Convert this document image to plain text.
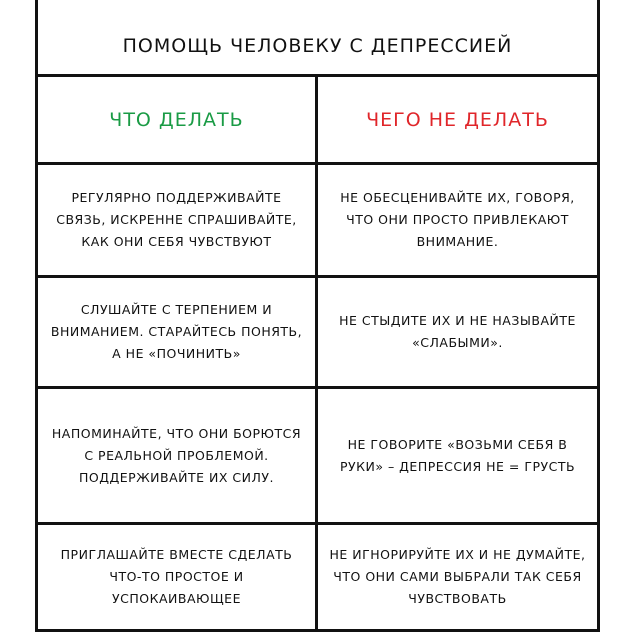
ПОМОЩЬ ЧЕЛОВЕКУ С ДЕПРЕССИЕЙ
ЧТО ДЕЛАТЬ	ЧЕГО НЕ ДЕЛАТЬ
РЕГУЛЯРНО ПОДДЕРЖИВАЙТЕ СВЯЗЬ, ИСКРЕННЕ СПРАШИВАЙТЕ, КАК ОНИ СЕБЯ ЧУВСТВУЮТ
НЕ ОБЕСЦЕНИВАЙТЕ ИХ, ГОВОРЯ, ЧТО ОНИ ПРОСТО ПРИВЛЕКАЮТ ВНИМАНИЕ.
СЛУШАЙТЕ С ТЕРПЕНИЕМ И ВНИМАНИЕМ. СТАРАЙТЕСЬ ПОНЯТЬ, А НЕ «ПОЧИНИТЬ»
НЕ СТЫДИТЕ ИХ И НЕ НАЗЫВАЙТЕ «СЛАБЫМИ».
НАПОМИНАЙТЕ, ЧТО ОНИ БОРЮТСЯ С РЕАЛЬНОЙ ПРОБЛЕМОЙ. ПОДДЕРЖИВАЙТЕ ИХ СИЛУ.
НЕ ГОВОРИТЕ «ВОЗЬМИ СЕБЯ В РУКИ» – ДЕПРЕССИЯ НЕ = ГРУСТЬ
ПРИГЛАШАЙТЕ ВМЕСТЕ СДЕЛАТЬ ЧТО-ТО ПРОСТОЕ И УСПОКАИВАЮЩЕЕ
НЕ ИГНОРИРУЙТЕ ИХ И НЕ ДУМАЙТЕ, ЧТО ОНИ САМИ ВЫБРАЛИ ТАК СЕБЯ ЧУВСТВОВАТЬ
